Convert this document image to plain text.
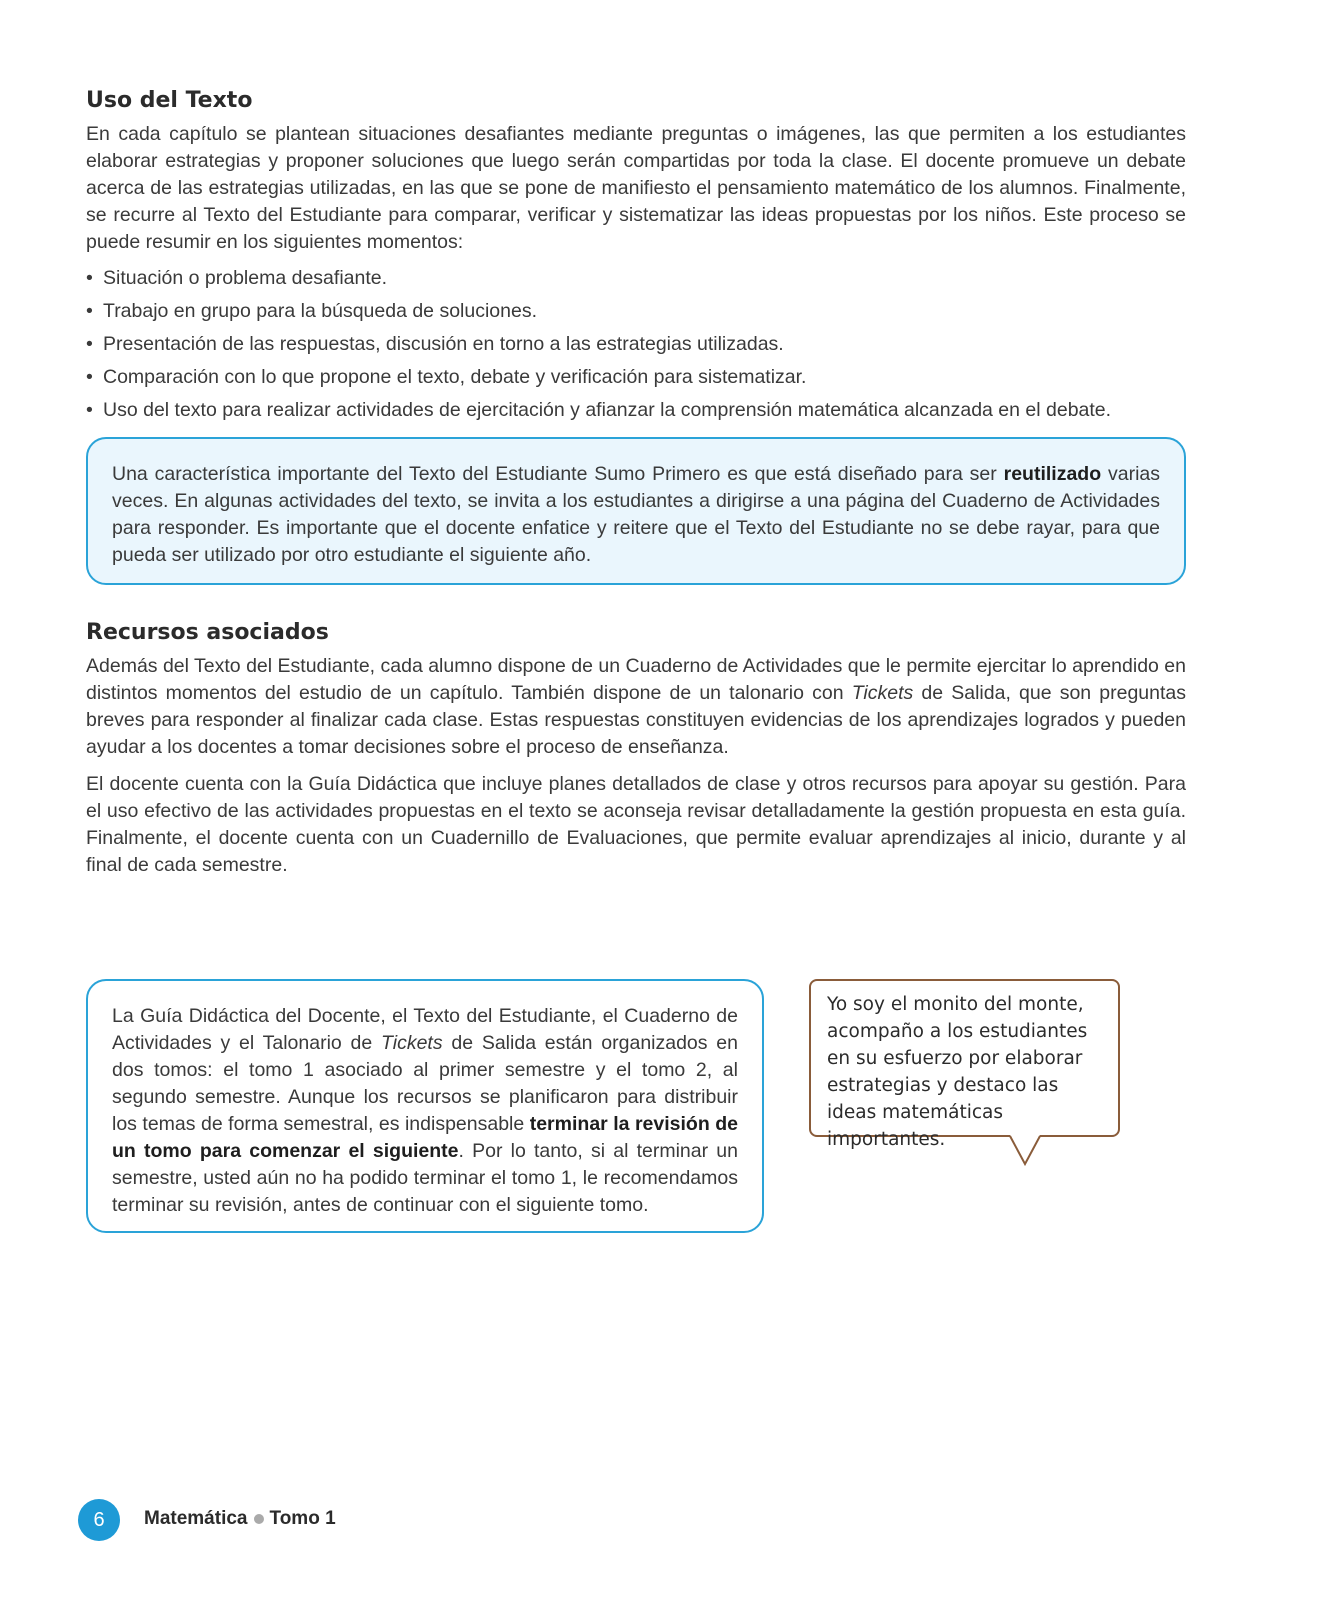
Uso del Texto

En cada capítulo se plantean situaciones desafiantes mediante preguntas o imágenes, las que permiten a los estudiantes elaborar estrategias y proponer soluciones que luego serán compartidas por toda la clase. El docente promueve un debate acerca de las estrategias utilizadas, en las que se pone de manifiesto el pensamiento matemático de los alumnos. Finalmente, se recurre al Texto del Estudiante para comparar, verificar y sistematizar las ideas propuestas por los niños. Este proceso se puede resumir en los siguientes momentos:

• Situación o problema desafiante.
• Trabajo en grupo para la búsqueda de soluciones.
• Presentación de las respuestas, discusión en torno a las estrategias utilizadas.
• Comparación con lo que propone el texto, debate y verificación para sistematizar.
• Uso del texto para realizar actividades de ejercitación y afianzar la comprensión matemática alcanzada en el debate.

Una característica importante del Texto del Estudiante Sumo Primero es que está diseñado para ser reutilizado varias veces. En algunas actividades del texto, se invita a los estudiantes a dirigirse a una página del Cuaderno de Actividades para responder. Es importante que el docente enfatice y reitere que el Texto del Estudiante no se debe rayar, para que pueda ser utilizado por otro estudiante el siguiente año.

Recursos asociados

Además del Texto del Estudiante, cada alumno dispone de un Cuaderno de Actividades que le permite ejercitar lo aprendido en distintos momentos del estudio de un capítulo. También dispone de un talonario con Tickets de Salida, que son preguntas breves para responder al finalizar cada clase. Estas respuestas constituyen evidencias de los aprendizajes logrados y pueden ayudar a los docentes a tomar decisiones sobre el proceso de enseñanza.

El docente cuenta con la Guía Didáctica que incluye planes detallados de clase y otros recursos para apoyar su gestión. Para el uso efectivo de las actividades propuestas en el texto se aconseja revisar detalladamente la gestión propuesta en esta guía. Finalmente, el docente cuenta con un Cuadernillo de Evaluaciones, que permite evaluar aprendizajes al inicio, durante y al final de cada semestre.

La Guía Didáctica del Docente, el Texto del Estudiante, el Cuaderno de Actividades y el Talonario de Tickets de Salida están organizados en dos tomos: el tomo 1 asociado al primer semestre y el tomo 2, al segundo semestre. Aunque los recursos se planificaron para distribuir los temas de forma semestral, es indispensable terminar la revisión de un tomo para comenzar el siguiente. Por lo tanto, si al terminar un semestre, usted aún no ha podido terminar el tomo 1, le recomendamos terminar su revisión, antes de continuar con el siguiente tomo.

Yo soy el monito del monte, acompaño a los estudiantes en su esfuerzo por elaborar estrategias y destaco las ideas matemáticas importantes.
6	Matemática Tomo 1
